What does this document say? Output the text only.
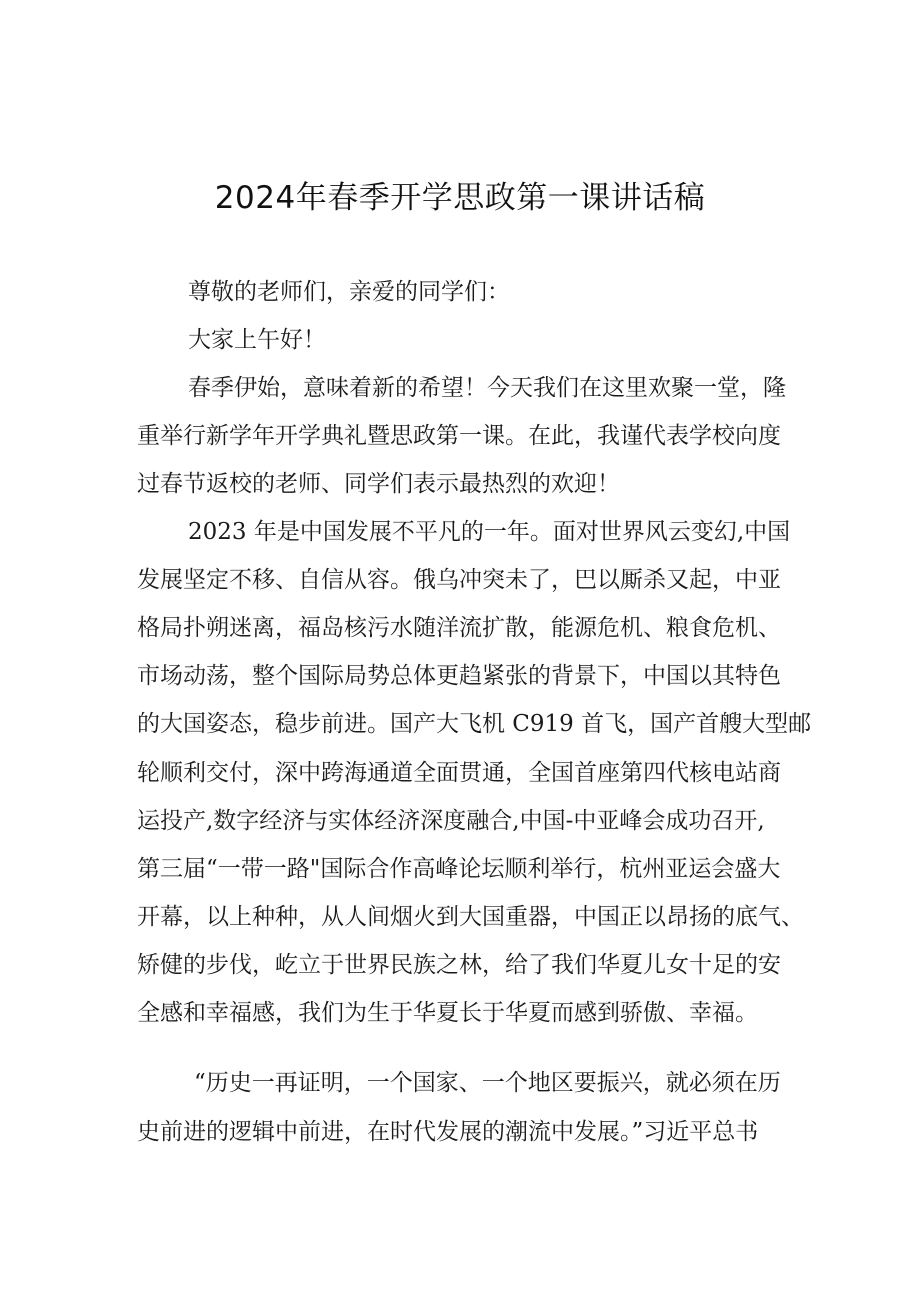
2024年春季开学思政第一课讲话稿

尊敬的老师们，亲爱的同学们：

大家上午好！

春季伊始，意味着新的希望！今天我们在这里欢聚一堂，隆

重举行新学年开学典礼暨思政第一课。在此，我谨代表学校向度

过春节返校的老师、同学们表示最热烈的欢迎！

2023 年是中国发展不平凡的一年。面对世界风云变幻,中国

发展坚定不移、自信从容。俄乌冲突未了，巴以厮杀又起，中亚

格局扑朔迷离，福岛核污水随洋流扩散，能源危机、粮食危机、

市场动荡，整个国际局势总体更趋紧张的背景下，中国以其特色

的大国姿态，稳步前进。国产大飞机 C919 首飞，国产首艘大型邮

轮顺利交付，深中跨海通道全面贯通，全国首座第四代核电站商

运投产,数字经济与实体经济深度融合,中国-中亚峰会成功召开,

第三届“一带一路"国际合作高峰论坛顺利举行，杭州亚运会盛大

开幕，以上种种，从人间烟火到大国重器，中国正以昂扬的底气、

矫健的步伐，屹立于世界民族之林，给了我们华夏儿女十足的安

全感和幸福感，我们为生于华夏长于华夏而感到骄傲、幸福。

“历史一再证明，一个国家、一个地区要振兴，就必须在历

史前进的逻辑中前进，在时代发展的潮流中发展。”习近平总书
